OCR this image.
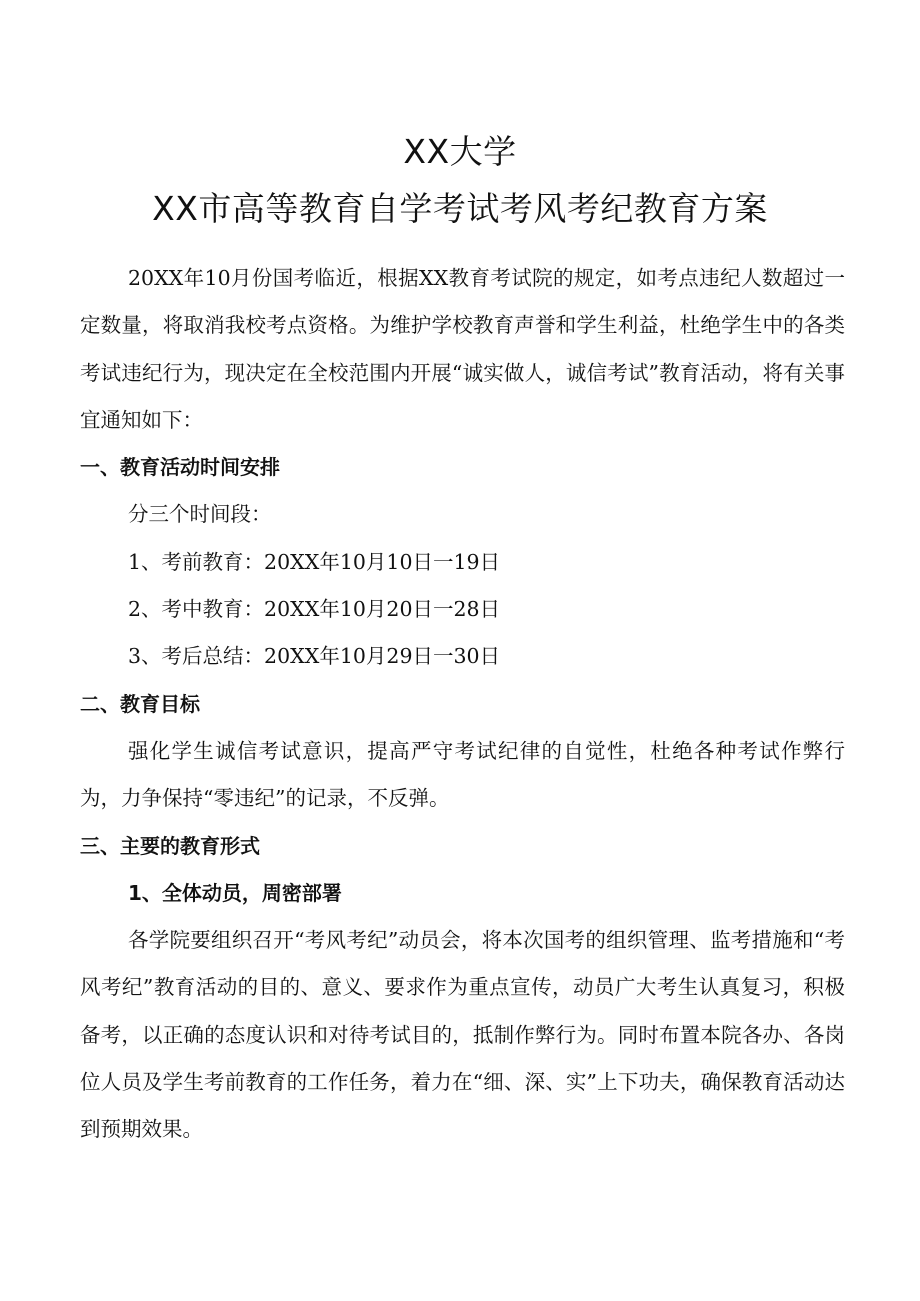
XX大学
XX市高等教育自学考试考风考纪教育方案

20XX年10月份国考临近，根据XX教育考试院的规定，如考点违纪人数超过一定数量，将取消我校考点资格。为维护学校教育声誉和学生利益，杜绝学生中的各类考试违纪行为，现决定在全校范围内开展“诚实做人，诚信考试”教育活动，将有关事宜通知如下：

一、教育活动时间安排

分三个时间段：

1、考前教育：20XX年10月10日一19日

2、考中教育：20XX年10月20日一28日

3、考后总结：20XX年10月29日一30日

二、教育目标

强化学生诚信考试意识，提高严守考试纪律的自觉性，杜绝各种考试作弊行为，力争保持“零违纪”的记录，不反弹。

三、主要的教育形式

1、全体动员，周密部署

各学院要组织召开“考风考纪”动员会，将本次国考的组织管理、监考措施和“考风考纪”教育活动的目的、意义、要求作为重点宣传，动员广大考生认真复习，积极备考，以正确的态度认识和对待考试目的，抵制作弊行为。同时布置本院各办、各岗位人员及学生考前教育的工作任务，着力在“细、深、实”上下功夫，确保教育活动达到预期效果。
